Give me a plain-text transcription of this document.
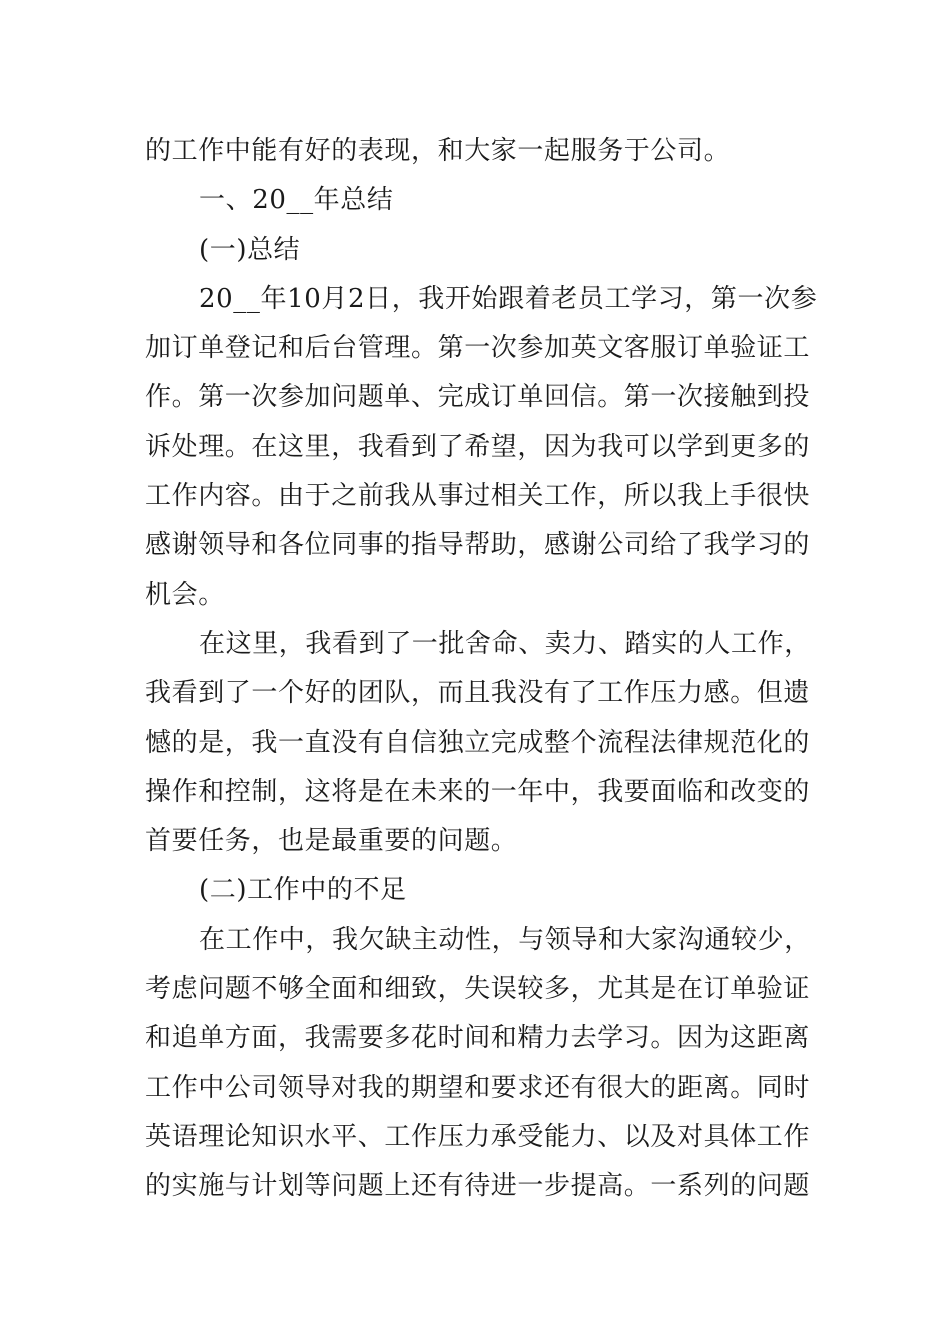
的工作中能有好的表现，和大家一起服务于公司。
一、20__年总结
(一)总结
20__年10月2日，我开始跟着老员工学习，第一次参
加订单登记和后台管理。第一次参加英文客服订单验证工
作。第一次参加问题单、完成订单回信。第一次接触到投
诉处理。在这里，我看到了希望，因为我可以学到更多的
工作内容。由于之前我从事过相关工作，所以我上手很快
感谢领导和各位同事的指导帮助，感谢公司给了我学习的
机会。
在这里，我看到了一批舍命、卖力、踏实的人工作，
我看到了一个好的团队，而且我没有了工作压力感。但遗
憾的是，我一直没有自信独立完成整个流程法律规范化的
操作和控制，这将是在未来的一年中，我要面临和改变的
首要任务，也是最重要的问题。
(二)工作中的不足
在工作中，我欠缺主动性，与领导和大家沟通较少，
考虑问题不够全面和细致，失误较多，尤其是在订单验证
和追单方面，我需要多花时间和精力去学习。因为这距离
工作中公司领导对我的期望和要求还有很大的距离。同时
英语理论知识水平、工作压力承受能力、以及对具体工作
的实施与计划等问题上还有待进一步提高。一系列的问题
